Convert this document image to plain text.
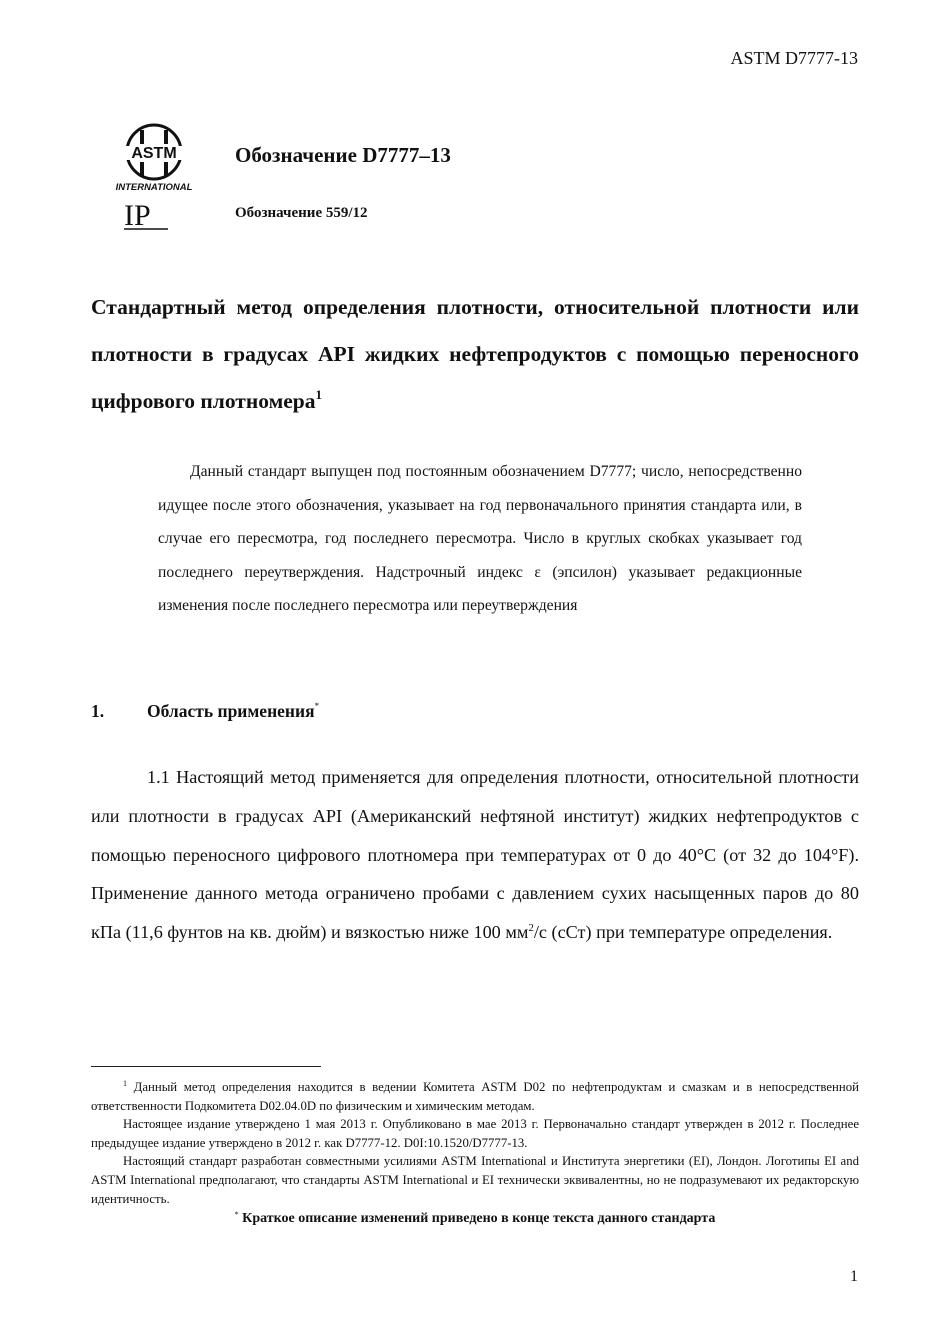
ASTM D7777-13
ASTM
INTERNATIONAL
IP
Обозначение D7777–13
Обозначение 559/12
Стандартный метод определения плотности, относительной плотности или плотности в градусах API жидких нефтепродуктов с помощью переносного цифрового плотномера$^1$
Данный стандарт выпущен под постоянным обозначением D7777; число, непосредственно идущее после этого обозначения, указывает на год первоначального принятия стандарта или, в случае его пересмотра, год последнего пересмотра. Число в круглых скобках указывает год последнего переутверждения. Надстрочный индекс ε (эпсилон) указывает редакционные изменения после последнего пересмотра или переутверждения
1. Область применения*
1.1 Настоящий метод применяется для определения плотности, относительной плотности или плотности в градусах API (Американский нефтяной институт) жидких нефтепродуктов с помощью переносного цифрового плотномера при температурах от 0 до 40°C (от 32 до 104°F). Применение данного метода ограничено пробами с давлением сухих насыщенных паров до 80 кПа (11,6 фунтов на кв. дюйм) и вязкостью ниже 100 $мм^2/с$ (сСт) при температуре определения.

$^1$ Данный метод определения находится в ведении Комитета ASTM D02 по нефтепродуктам и смазкам и в непосредственной ответственности Подкомитета D02.04.0D по физическим и химическим методам.

Настоящее издание утверждено 1 мая 2013 г. Опубликовано в мае 2013 г. Первоначально стандарт утвержден в 2012 г. Последнее предыдущее издание утверждено в 2012 г. как D7777-12. D0I:10.1520/D7777-13.

Настоящий стандарт разработан совместными усилиями ASTM International и Института энергетики (EI), Лондон. Логотипы EI and ASTM International предполагают, что стандарты ASTM International и EI технически эквивалентны, но не подразумевают их редакторскую идентичность.

* Краткое описание изменений приведено в конце текста данного стандарта

1
